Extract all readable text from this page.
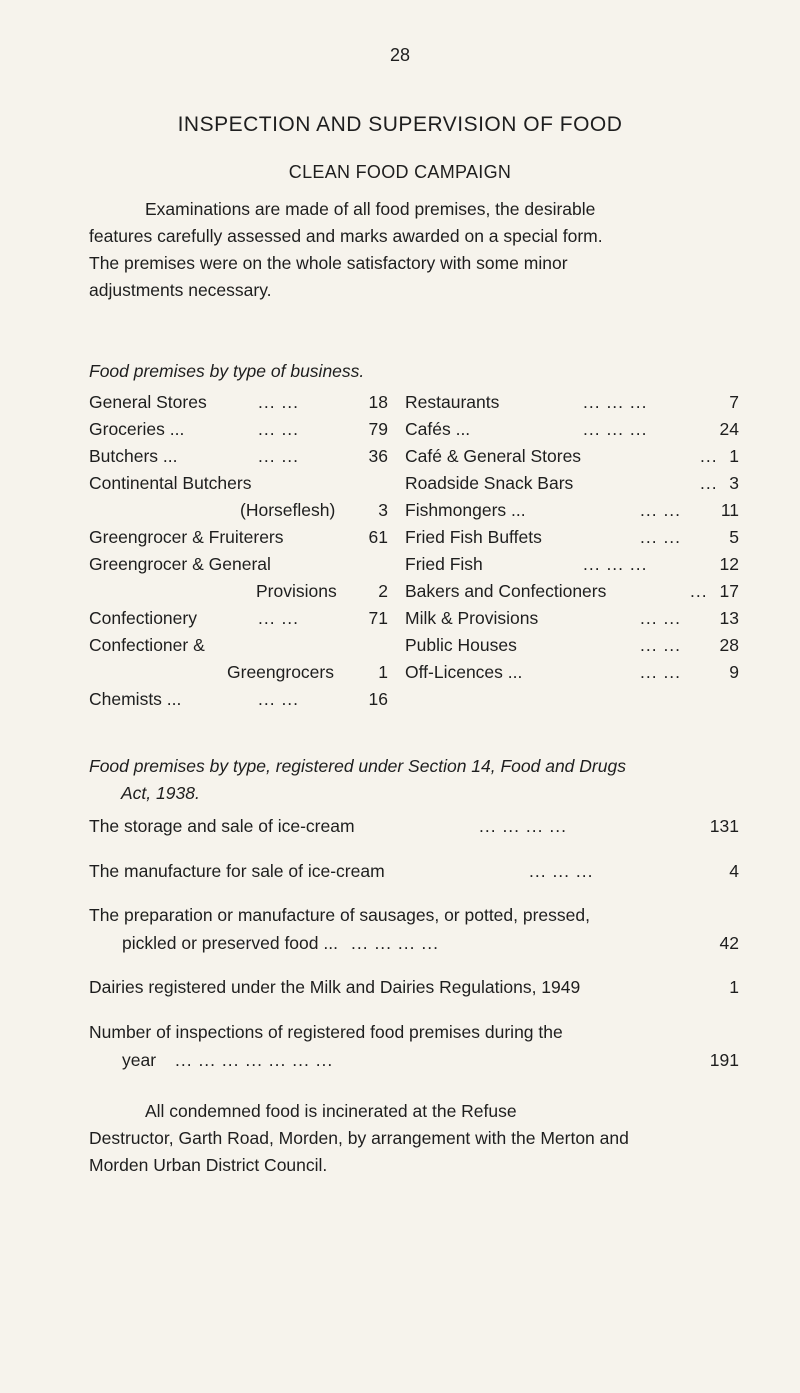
28
INSPECTION AND SUPERVISION OF FOOD
CLEAN FOOD CAMPAIGN
Examinations are made of all food premises, the desirable
features carefully assessed and marks awarded on a special form.
The premises were on the whole satisfactory with some minor
adjustments necessary.
Food premises by type of business.
General Stores	... ...	18
Groceries ...	... ...	79
Butchers ...	... ...	36
Continental Butchers
(Horseflesh)	3
Greengrocer & Fruiterers	61
Greengrocer & General
Provisions	2
Confectionery	... ...	71
Confectioner &
Greengrocers	1
Chemists ...	... ...	16
Restaurants	... ... ...	7
Cafés ...	... ... ...	24
Café & General Stores	... 1
Roadside Snack Bars	... 3
Fishmongers ...	... ...	11
Fried Fish Buffets	... ...	5
Fried Fish	... ... ...	12
Bakers and Confectioners	... 17
Milk & Provisions	... ...	13
Public Houses	... ...	28
Off-Licences ...	... ...	9
Food premises by type, registered under Section 14, Food and Drugs
Act, 1938.
The storage and sale of ice-cream	... ... ... ...	131
The manufacture for sale of ice-cream	... ... ...	4
The preparation or manufacture of sausages, or potted, pressed,
pickled or preserved food ... ... ... ... ...	42
Dairies registered under the Milk and Dairies Regulations, 1949	1
Number of inspections of registered food premises during the
year ... ... ... ... ... ... ...	191
All condemned food is incinerated at the Refuse
Destructor, Garth Road, Morden, by arrangement with the Merton and
Morden Urban District Council.
